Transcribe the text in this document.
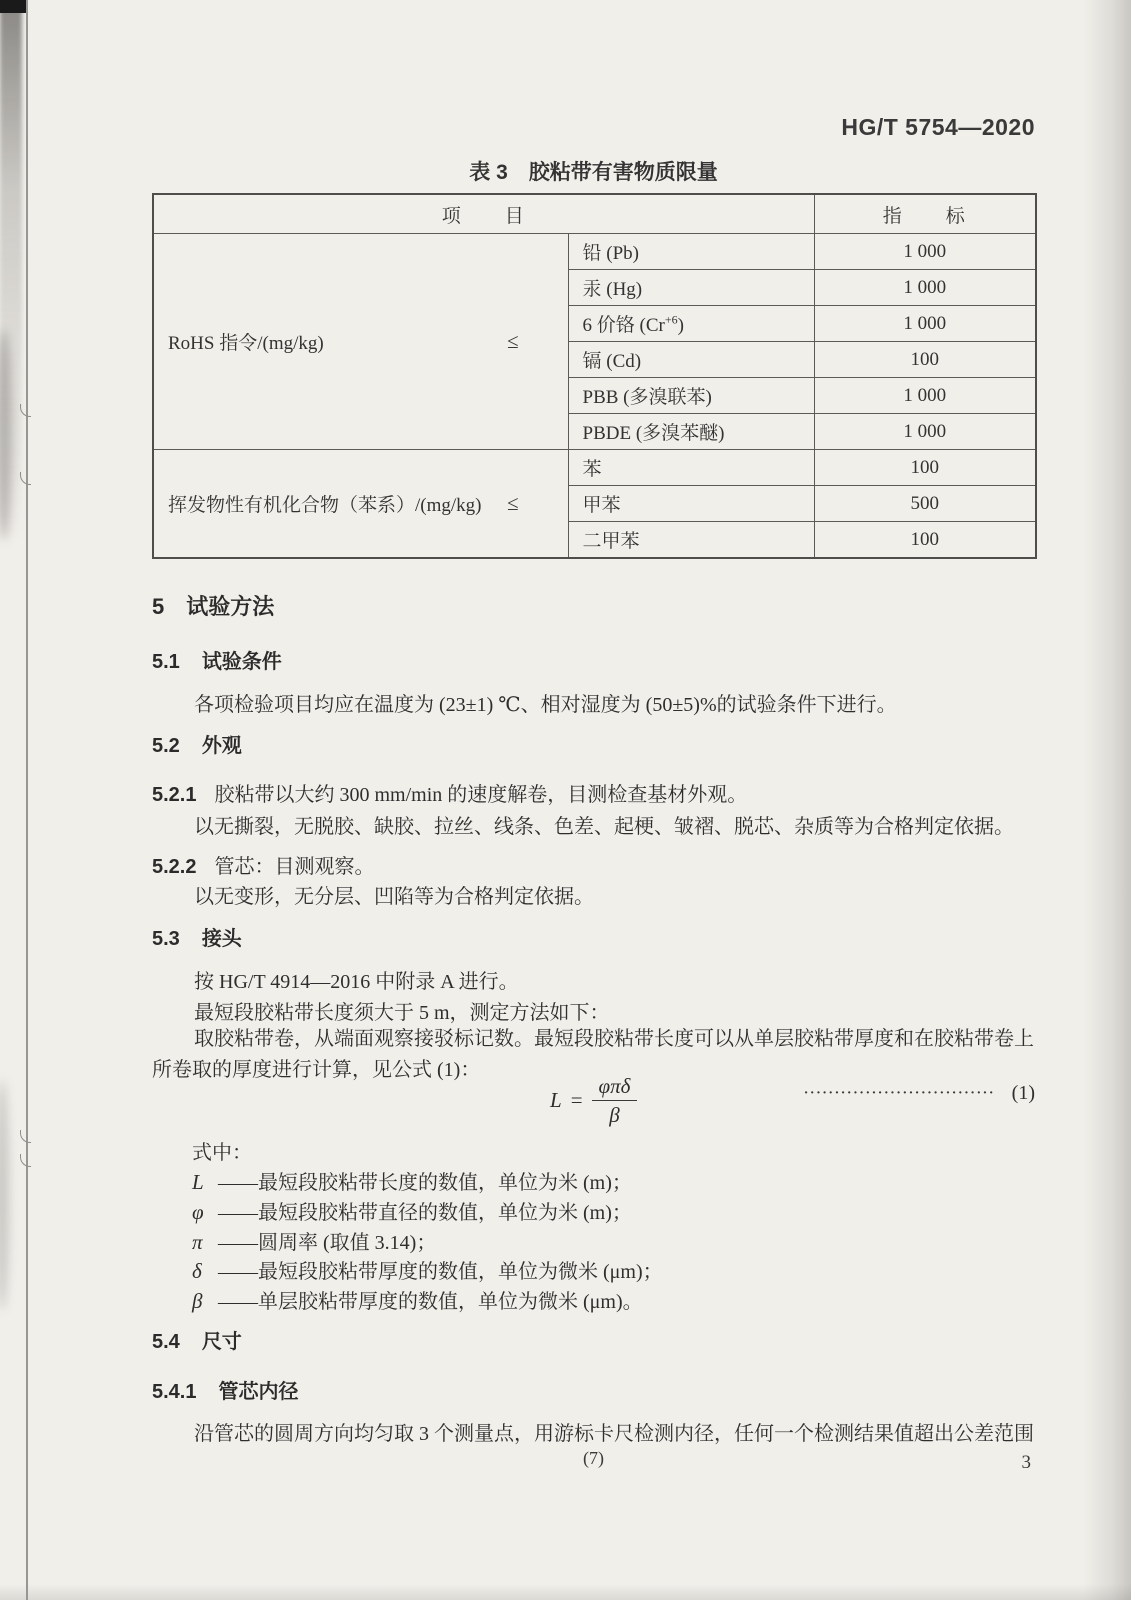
HG/T 5754—2020
表 3　胶粘带有害物质限量
项　　目		指　　标

RoHS 指令/(mg/kg) ≤	铅 (Pb)	1 000
	汞 (Hg)	1 000
	6 价铬 $(Cr^{+6})$	1 000
	镉 (Cd)	100
	PBB (多溴联苯)	1 000
	PBDE (多溴苯醚)	1 000

挥发物性有机化合物（苯系）/(mg/kg) ≤	苯	100
	甲苯	500
	二甲苯	100
5 试验方法
5.1 试验条件
各项检验项目均应在温度为 (23±1) ℃、相对湿度为 (50±5)%的试验条件下进行。
5.2 外观
5.2.1 胶粘带以大约 300 mm/min 的速度解卷，目测检查基材外观。
以无撕裂，无脱胶、缺胶、拉丝、线条、色差、起梗、皱褶、脱芯、杂质等为合格判定依据。
5.2.2 管芯：目测观察。
以无变形，无分层、凹陷等为合格判定依据。
5.3 接头
按 HG/T 4914—2016 中附录 A 进行。
最短段胶粘带长度须大于 5 m，测定方法如下：
取胶粘带卷，从端面观察接驳标记数。最短段胶粘带长度可以从单层胶粘带厚度和在胶粘带卷上
所卷取的厚度进行计算，见公式 (1)：
$L = \frac{\text{φπδ}}{\beta}$	······························· (1)
式中：
L ——最短段胶粘带长度的数值，单位为米 (m)；
φ ——最短段胶粘带直径的数值，单位为米 (m)；
π ——圆周率 (取值 3.14)；
δ ——最短段胶粘带厚度的数值，单位为微米 (μm)；
β ——单层胶粘带厚度的数值，单位为微米 (μm)。
5.4 尺寸
5.4.1 管芯内径
沿管芯的圆周方向均匀取 3 个测量点，用游标卡尺检测内径，任何一个检测结果值超出公差范围
(7)	3
